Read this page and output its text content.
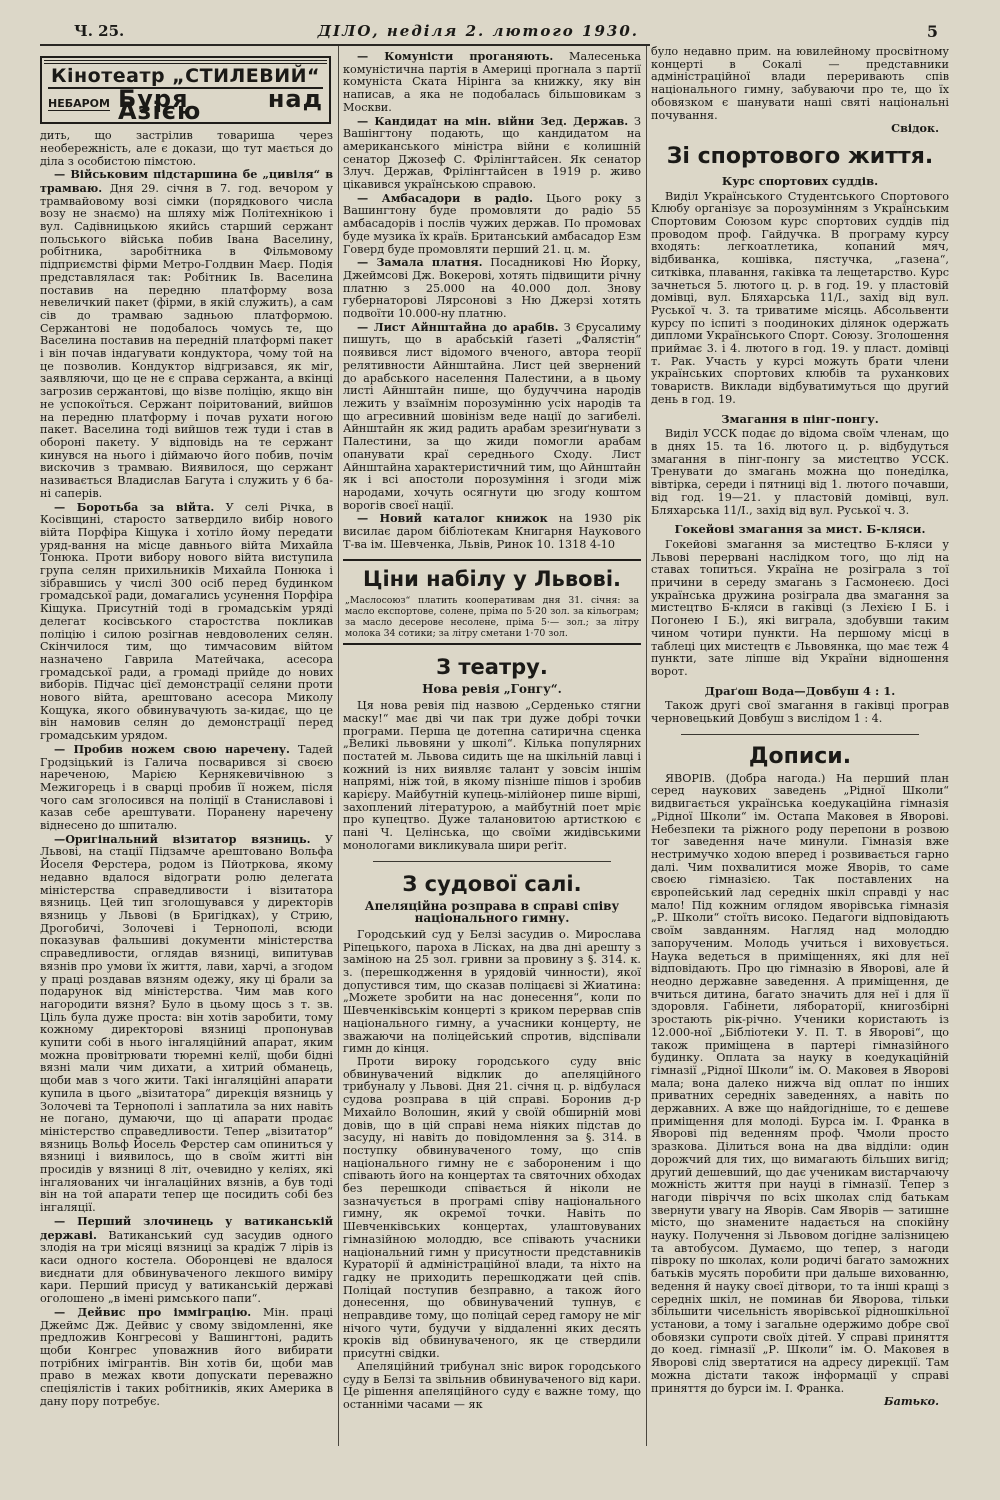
Ч. 25.	ДІЛО, неділя 2. лютого 1930.	5
Кінотеатр „СТИЛЕВИЙ“
НЕБАРОМ Буря над Азією

дить, що застрілив товариша через необережність, але є докази, що тут мається до діла з особистою пімстою.

— Військовим підстаршина бе „цивіля“ в трамваю. Дня 29. січня в 7. год. вечором у трамвайовому возі сімки (порядкового числа возу не знаємо) на шляху між Політехнікою і вул. Садівницькою якийсь старший сержант польського війська побив Івана Васелину, робітника, заробітника в Фільмовому підприємстві фірми Метро-Голдвин Маєр. Подія представлялася так: Робітник Ів. Васелина поставив на передню платформу воза невеличкий пакет (фірми, в якій служить), а сам сів до трамваю задньою платформою. Сержантові не подобалось чомусь те, що Васелина поставив на передній платформі пакет і він почав індагувати кондуктора, чому той на це позволив. Кондуктор відгризався, як міг, заявляючи, що це не є справа сержанта, а вкінці загрозив сержантові, що візве поліцію, якщо він не успокоїться. Сержант поіритований, вийшов на передню платформу і почав рухати ногою пакет. Васелина тоді вийшов теж туди і став в обороні пакету. У відповідь на те сержант кинувся на нього і діймаючо його побив, почім вискочив з трамваю. Виявилося, що сержант називається Владислав Багута і служить у 6 ба-ні саперів.

— Боротьба за війта. У селі Річка, в Косівщині, старосто затвердило вибір нового війта Порфіра Кіщука і хотіло йому передати уряд-вання на місце давнього війта Михайла Тонюка. Проти вибору нового війта виступила група селян прихильників Михайла Понюка і зібравшись у числі 300 осіб перед будинком громадської ради, домагались усунення Порфіра Кіщука. Присутній тоді в громадськім уряді делегат косівського старостства покликав поліцію і силою розігнав невдоволених селян. Скінчилося тим, що тимчасовим війтом назначено Гаврила Матейчака, асесора громадської ради, а громаді прийде до нових виборів. Підчас цієї демонстрації селяни проти нового війта, арештовано асесора Миколу Кощука, якого обвинувачують за-кидає, що це він намовив селян до демонстрації перед громадським урядом.

— Пробив ножем свою наречену. Тадей Гродзіцький із Галича посварився зі своєю нареченою, Марією Кернякевичівною з Межигорець і в сварці пробив її ножем, після чого сам зголосився на поліції в Станиславові і казав себе арештувати. Поранену наречену віднесено до шпиталю.

—Оригінальний візитатор вязниць. У Львові, на стації Підзамче арештовано Вольфа Йоселя Ферстера, родом із Пйотркова, якому недавно вдалося відограти ролю делегата міністерства справедливости і візитатора вязниць. Цей тип зголошувався у директорів вязниць у Львові (в Бригідках), у Стрию, Дрогобичі, Золочеві і Тернополі, всюди показував фальшиві документи міністерства справедливости, оглядав вязниці, випитував вязнів про умови їх життя, лави, харчі, а згодом у праці роздавав вязням одежу, яку ці брали за подарунок від міністерства. Чим мав кого нагородити вязня? Було в цьому щось з т. зв. Ціль була дуже проста: він хотів заробити, тому кожному директорові вязниці пропонував купити собі в нього інгаляційний апарат, яким можна провітрювати тюремні келії, щоби бідні вязні мали чим дихати, а хитрий обманець, щоби мав з чого жити. Такі інгаляційні апарати купила в цього „візитатора“ дирекція вязниць у Золочеві та Тернополі і заплатила за них навіть не погано, думаючи, що ці апарати продає міністерство справедливости. Тепер „візитатор“ вязниць Вольф Йосель Ферстер сам опиниться у вязниці і виявилось, що в своїм житті він просидів у вязниці 8 літ, очевидно у келіях, які інгаляованих чи інгалаційних вязнів, а був тоді він на той апарати тепер ще посидить собі без інгаляції.

— Перший злочинець у ватиканській державі. Ватиканський суд засудив одного злодія на три місяці вязниці за крадіж 7 лірів із каси одного костела. Оборонцеві не вдалося виєднати для обвинуваченого лекшого виміру кари. Перший присуд у ватиканській державі оголошено „в імені римського папи“.

— Дейвис про імміграцію. Мін. праці Джеймс Дж. Дейвис у свому звідомленні, яке предложив Конгресові у Вашингтоні, радить щоби Конгрес уповажнив його вибирати потрібних імігрантів. Він хотів би, щоби мав право в межах квоти допускати переважно спеціялістів і таких робітників, яких Америка в дану пору потребує.

— Комуністи проганяють. Малесенька комуністична партія в Америці прогнала з партії комуніста Ската Нірінга за книжку, яку він написав, а яка не подобалась більшовикам з Москви.

— Кандидат на мін. війни Зед. Держав. З Вашінгтону подають, що кандидатом на американського міністра війни є колишній сенатор Джозеф С. Фрілінгтайсен. Як сенатор Злуч. Держав, Фрілінгтайсен в 1919 р. живо цікавився українською справою.

— Амбасадори в радіо. Цього року з Вашингтону буде промовляти до радіо 55 амбасадорів і послів чужих держав. По промовах буде музика їх країв. Британський амбасадор Езм Говерд буде промовляти перший 21. ц. м.

— Замала платня. Посадникові Ню Йорку, Джеймсові Дж. Вокерові, хотять підвищити річну платню з 25.000 на 40.000 дол. Знову губернаторові Лярсонові з Ню Джерзі хотять подвоїти 10.000-ну платню.

— Лист Айнштайна до арабів. З Єрусалиму пишуть, що в арабській ґазеті „Фалястін“ появився лист відомого вченого, автора теорії релятивности Айнштайна. Лист цей звернений до арабського населення Палестини, а в цьому листі Айнштайн пише, що будуччина народів лежить у взаїмнім порозумінню усіх народів та що агресивний шовінізм веде нації до загибелі. Айнштайн як жид радить арабам зрезиґнувати з Палестини, за що жиди помогли арабам опанувати краї середнього Сходу. Лист Айнштайна характеристичний тим, що Айнштайн як і всі апостоли порозуміння і згоди між народами, хочуть осягнути цю згоду коштом ворогів своєї нації.

— Новий каталог книжок на 1930 рік висилає даром бібліотекам Книгарня Наукового Т-ва ім. Шевченка, Львів, Ринок 10. 1318 4-10

Ціни набілу у Львові.
„Маслосоюз“ платить кооперативам дня 31. січня: за масло експортове, солене, пріма по 5·20 зол. за кільограм; за масло десерове несолене, пріма 5·— зол.; за літру молока 34 сотики; за літру сметани 1·70 зол.
З театру.
Нова ревія „Гонгу“.

Ця нова ревія під назвою „Серденько стягни маску!“ має дві чи пак три дуже добрі точки програми. Перша це дотепна сатирична сценка „Великі львовяни у школі“. Кілька популярних постатей м. Львова сидить ще на шкільній лавці і кожний із них виявляє талант у зовсім іншім напрямі, ніж той, в якому пізніше пішов і зробив карієру. Майбутній купець-мілійонер пише вірші, захоплений літературою, а майбутній поет мріє про купецтво. Дуже талановитою артисткою є пані Ч. Целінська, що своїми жидівськими монологами викликувала шири реґіт.

З судової салі.
Апеляційна розправа в справі співу національного гимну.

Городський суд у Белзі засудив о. Мирослава Ріпецького, пароха в Лісках, на два дні арешту з заміною на 25 зол. гривни за провину з §. 314. к. з. (перешкодження в урядовій чинности), якої допустився тим, що сказав поліцаєві зі Жиатина: „Можете зробити на нас донесення“, коли по Шевченківськім концерті з криком перервав спів національного гимну, а учасники концерту, не зважаючи на поліцейський спротив, відспівали гимн до кінця.

Проти вироку городського суду вніс обвинувачений відклик до апеляційного трибуналу у Львові. Дня 21. січня ц. р. відбулася судова розправа в цій справі. Боронив д-р Михайло Волошин, який у своїй обширній мові довів, що в цій справі нема ніяких підстав до засуду, ні навіть до повідомлення за §. 314. в поступку обвинуваченого тому, що спів національного гимну не є забороненим і що співають його на концертах та святочних обходах без перешкоди співається й ніколи не зазначується в програмі співу національного гимну, як окремої точки. Навіть по Шевченківських концертах, улаштовуваних гімназійною молоддю, все співають учасники національний гимн у присутности представників Кураторії й адміністраційної влади, та ніхто на гадку не приходить перешкоджати цей спів. Поліцай поступив безправно, а також його донесення, що обвинувачений тупнув, є неправдиве тому, що поліцай серед гамору не міг нічого чути, будучи у віддаленні яких десять кроків від обвинуваченого, як це ствердили присутні свідки.

Апеляційний трибунал зніс вирок городського суду в Белзі та звільнив обвинуваченого від кари. Це рішення апеляційного суду є важне тому, що останніми часами — як

було недавно прим. на ювилейному просвітному концерті в Сокалі — представники адміністраційної влади переривають спів національного гимну, забуваючи про те, що їх обовязком є шанувати наші святі національні почування.

Свідок.
Зі спортового життя.
Курс спортових суддів.

Виділ Українського Студентського Спортового Клюбу організує за порозумінням з Українським Спортовим Союзом курс спортових суддів під проводом проф. Гайдучка. В програму курсу входять: легкоатлетика, копаний мяч, відбиванка, кошівка, пястучка, „газена“, ситківка, плавання, гаківка та лещетарство. Курс зачнеться 5. лютого ц. р. в год. 19. у пластовій домівці, вул. Бляхарська 11/І., захід від вул. Руської ч. 3. та триватиме місяць. Абсольвенти курсу по іспиті з поодиноких ділянок одержать дипломи Українського Спорт. Союзу. Зголошення приймає 3. і 4. лютого в год. 19. у пласт. домівці т. Рак. Участь у курсі можуть брати члени українських спортових клюбів та руханкових товариств. Виклади відбуватимуться що другий день в год. 19.

Змагання в пінг-понгу.

Виділ УССК подає до відома своїм членам, що в днях 15. та 16. лютого ц. р. відбудуться змагання в пінг-понгу за мистецтво УССК. Тренувати до змагань можна що понеділка, вівтірка, середи і пятниці від 1. лютого почавши, від год. 19—21. у пластовій домівці, вул. Бляхарська 11/І., захід від вул. Руської ч. 3.

Гокейові змагання за мист. Б-кляси.

Гокейові змагання за мистецтво Б-кляси у Львові перервані наслідком того, що лід на ставах топиться. Україна не розіграла з тої причини в середу змагань з Гасмонеєю. Досі українська дружина розіграла два змагання за мистецтво Б-кляси в гаківці (з Лехією І Б. і Погонею І Б.), які виграла, здобувши таким чином чотири пункти. На першому місці в таблеці цих мистецтв є Львовянка, що має теж 4 пункти, зате ліпше від України відношення ворот.

Драґош Вода—Довбуш 4 : 1.

Також другі свої змагання в гаківці програв черновецький Довбуш з вислідом 1 : 4.

Дописи.

ЯВОРІВ. (Добра нагода.) На перший план серед наукових заведень „Рідної Школи“ видвигається українська коедукаційна гімназія „Рідної Школи“ ім. Остапа Маковея в Яворові. Небезпеки та ріжного роду перепони в розвою тог заведення наче минули. Гімназія вже нестримучко ходою вперед і розвивається гарно далі. Чим похвалитися може Яворів, то саме своєю гімназією. Так поставлених на європейський лад середніх шкіл справді у нас мало! Під кожним оглядом яворівська гімназія „Р. Школи“ стоїть високо. Педагоги відповідають своїм завданням. Нагляд над молоддю запорученим. Молодь учиться і виховується. Наука ведеться в приміщеннях, які для неї відповідають. Про цю гімназію в Яворові, але й неодно державне заведення. А приміщення, де вчиться дитина, багато значить для неї і для її здоровля. Габінети, лябораторії, книгозбірні зростають рік-річно. Ученики користають із 12.000-ної „Бібліотеки У. П. Т. в Яворові“, що також приміщена в партері гімназійного будинку. Оплата за науку в коедукаційній гімназії „Рідної Школи“ ім. О. Маковея в Яворові мала; вона далеко нижча від оплат по інших приватних середніх заведеннях, а навіть по державних. А вже що найдогідніше, то є дешеве приміщення для молоді. Бурса ім. І. Франка в Яворові під веденням проф. Чмоли просто зразкова. Ділиться вона на два відділи: один дорожчий для тих, що вимагають більших вигід; другий дешевший, що дає ученикам вистарчаючу можність життя при науці в гімназії. Тепер з нагоди півріччя по всіх школах слід батькам звернути увагу на Яворів. Сам Яворів — затишне місто, що знамените надається на спокійну науку. Получення зі Львовом догідне залізницею та автобусом. Думаємо, що тепер, з нагоди півроку по школах, коли родичі багато заможних батьків мусять поробити при дальше вихованню, ведення й науку своєї дітвори, то та інші кращі з середніх шкіл, не поминав би Яворова, тільки збільшити чисельність яворівської рідношкільної установи, а тому і загальне одержимо добре свої обовязки супроти своїх дітей. У справі приняття до коед. гімназії „Р. Школи“ ім. О. Маковея в Яворові слід звертатися на адресу дирекції. Там можна дістати також інформації у справі приняття до бурси ім. І. Франка.

Батько.
